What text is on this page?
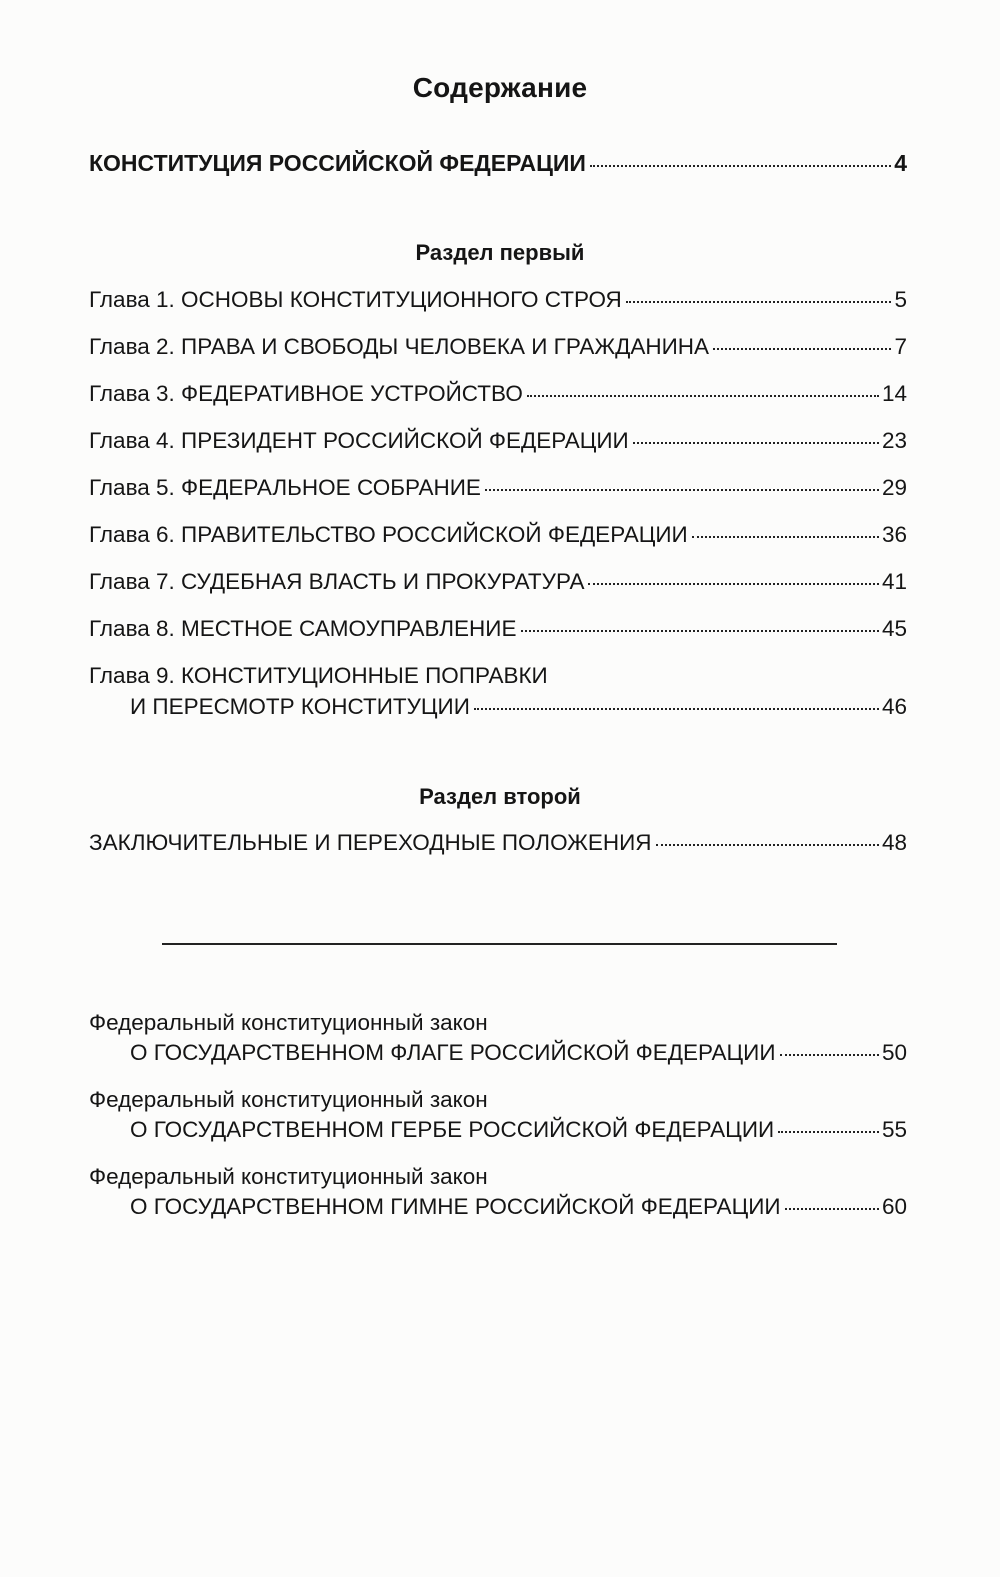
Содержание
КОНСТИТУЦИЯ РОССИЙСКОЙ ФЕДЕРАЦИИ	4
Раздел первый
Глава 1. ОСНОВЫ КОНСТИТУЦИОННОГО СТРОЯ	5
Глава 2. ПРАВА И СВОБОДЫ ЧЕЛОВЕКА И ГРАЖДАНИНА	7
Глава 3. ФЕДЕРАТИВНОЕ УСТРОЙСТВО	14
Глава 4. ПРЕЗИДЕНТ РОССИЙСКОЙ ФЕДЕРАЦИИ	23
Глава 5. ФЕДЕРАЛЬНОЕ СОБРАНИЕ	29
Глава 6. ПРАВИТЕЛЬСТВО РОССИЙСКОЙ ФЕДЕРАЦИИ	36
Глава 7. СУДЕБНАЯ ВЛАСТЬ И ПРОКУРАТУРА	41
Глава 8. МЕСТНОЕ САМОУПРАВЛЕНИЕ	45
Глава 9. КОНСТИТУЦИОННЫЕ ПОПРАВКИ
И ПЕРЕСМОТР КОНСТИТУЦИИ	46
Раздел второй
ЗАКЛЮЧИТЕЛЬНЫЕ И ПЕРЕХОДНЫЕ ПОЛОЖЕНИЯ	48
Федеральный конституционный закон
О ГОСУДАРСТВЕННОМ ФЛАГЕ РОССИЙСКОЙ ФЕДЕРАЦИИ	50
Федеральный конституционный закон
О ГОСУДАРСТВЕННОМ ГЕРБЕ РОССИЙСКОЙ ФЕДЕРАЦИИ	55
Федеральный конституционный закон
О ГОСУДАРСТВЕННОМ ГИМНЕ РОССИЙСКОЙ ФЕДЕРАЦИИ	60
